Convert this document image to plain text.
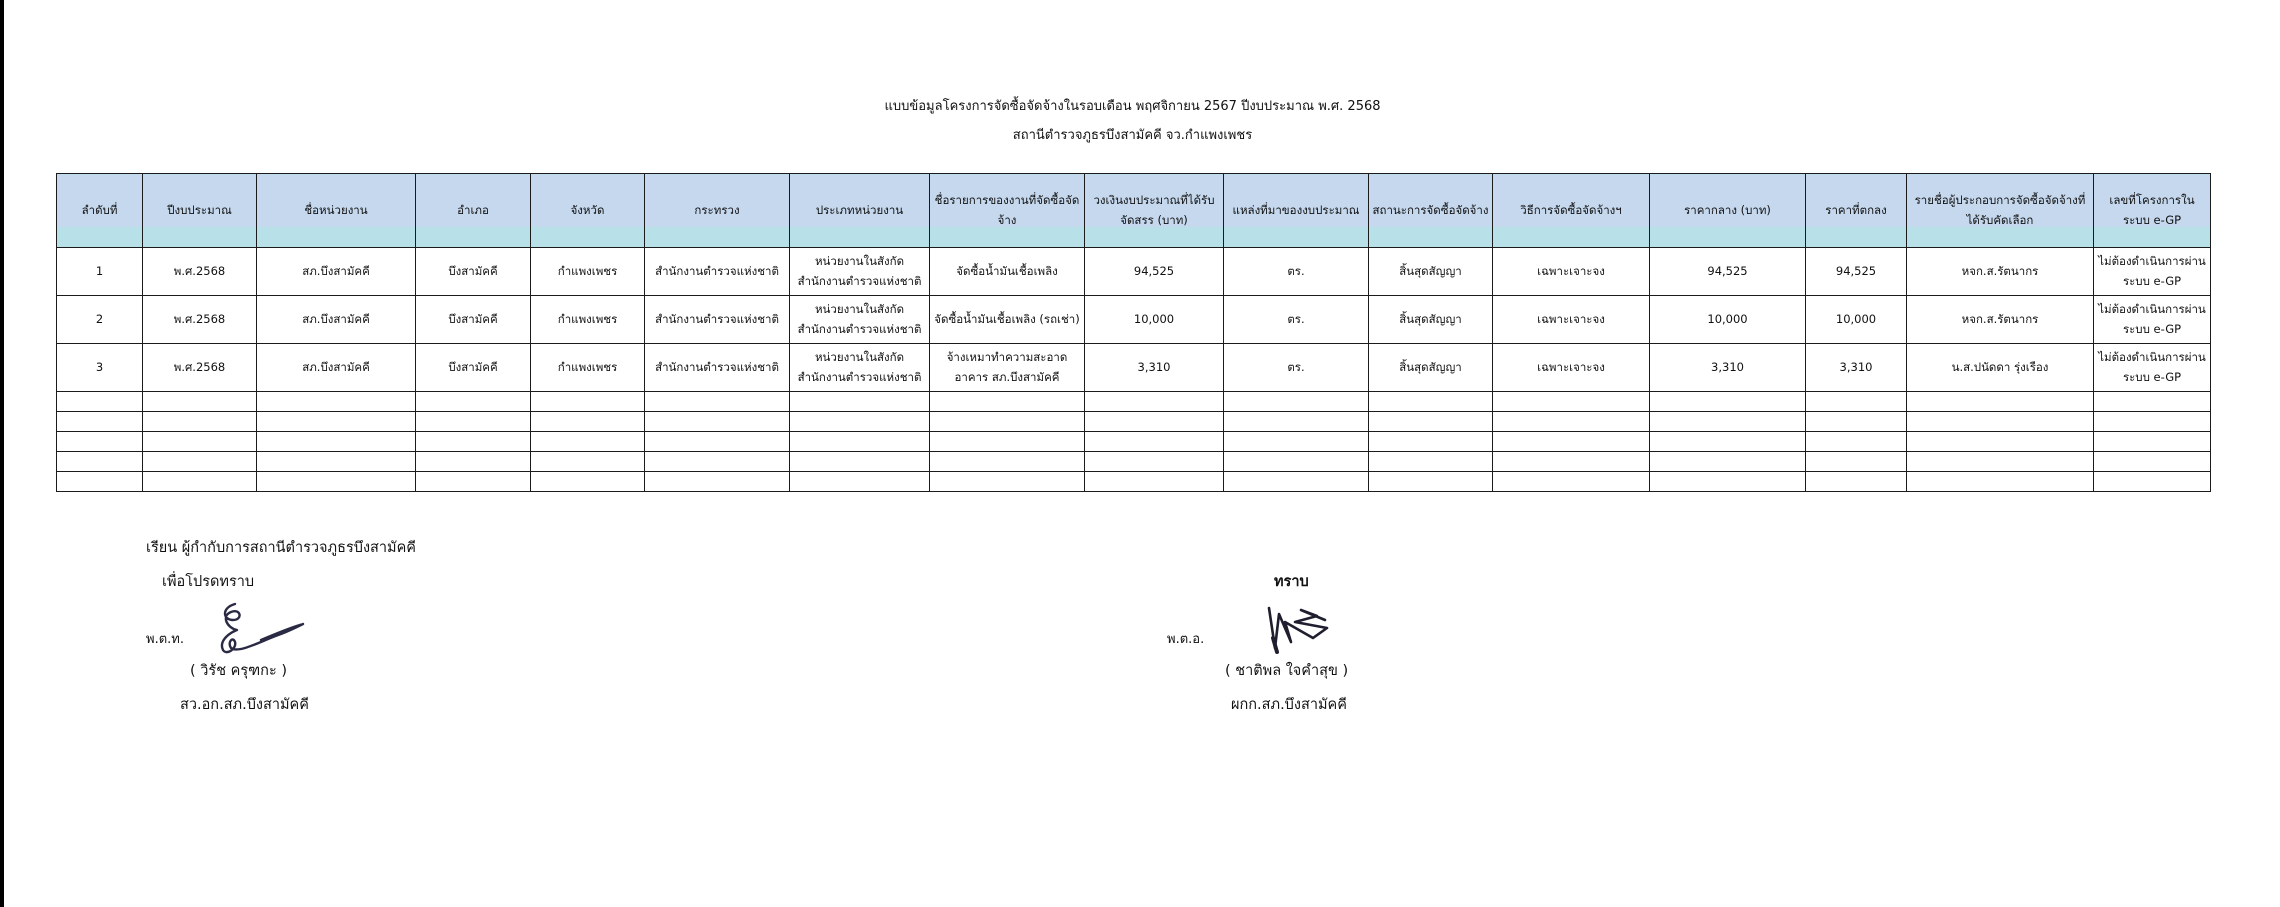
แบบข้อมูลโครงการจัดซื้อจัดจ้างในรอบเดือน พฤศจิกายน 2567 ปีงบประมาณ พ.ศ. 2568
สถานีตำรวจภูธรบึงสามัคคี จว.กำแพงเพชร
ลำดับที่	ปีงบประมาณ	ชื่อหน่วยงาน	อำเภอ	จังหวัด	กระทรวง	ประเภทหน่วยงาน	ชื่อรายการของงานที่จัดซื้อจัดจ้าง	วงเงินงบประมาณที่ได้รับจัดสรร (บาท)	แหล่งที่มาของงบประมาณ	สถานะการจัดซื้อจัดจ้าง	วิธีการจัดซื้อจัดจ้างฯ	ราคากลาง (บาท)	ราคาที่ตกลง	รายชื่อผู้ประกอบการจัดซื้อจัดจ้างที่ได้รับคัดเลือก	เลขที่โครงการในระบบ e-GP
1	พ.ศ.2568	สภ.บึงสามัคคี	บึงสามัคคี	กำแพงเพชร	สำนักงานตำรวจแห่งชาติ	หน่วยงานในสังกัดสำนักงานตำรวจแห่งชาติ	จัดซื้อน้ำมันเชื้อเพลิง	94,525	ตร.	สิ้นสุดสัญญา	เฉพาะเจาะจง	94,525	94,525	หจก.ส.รัตนากร	ไม่ต้องดำเนินการผ่านระบบ e-GP
2	พ.ศ.2568	สภ.บึงสามัคคี	บึงสามัคคี	กำแพงเพชร	สำนักงานตำรวจแห่งชาติ	หน่วยงานในสังกัดสำนักงานตำรวจแห่งชาติ	จัดซื้อน้ำมันเชื้อเพลิง (รถเช่า)	10,000	ตร.	สิ้นสุดสัญญา	เฉพาะเจาะจง	10,000	10,000	หจก.ส.รัตนากร	ไม่ต้องดำเนินการผ่านระบบ e-GP
3	พ.ศ.2568	สภ.บึงสามัคคี	บึงสามัคคี	กำแพงเพชร	สำนักงานตำรวจแห่งชาติ	หน่วยงานในสังกัดสำนักงานตำรวจแห่งชาติ	จ้างเหมาทำความสะอาดอาคาร สภ.บึงสามัคคี	3,310	ตร.	สิ้นสุดสัญญา	เฉพาะเจาะจง	3,310	3,310	น.ส.ปนัดดา รุ่งเรือง	ไม่ต้องดำเนินการผ่านระบบ e-GP

เรียน ผู้กำกับการสถานีตำรวจภูธรบึงสามัคคี
เพื่อโปรดทราบ
พ.ต.ท.
( วิรัช ครุฑกะ )
สว.อก.สภ.บึงสามัคคี
ทราบ
พ.ต.อ.
( ชาติพล ใจคำสุข )
ผกก.สภ.บึงสามัคคี
